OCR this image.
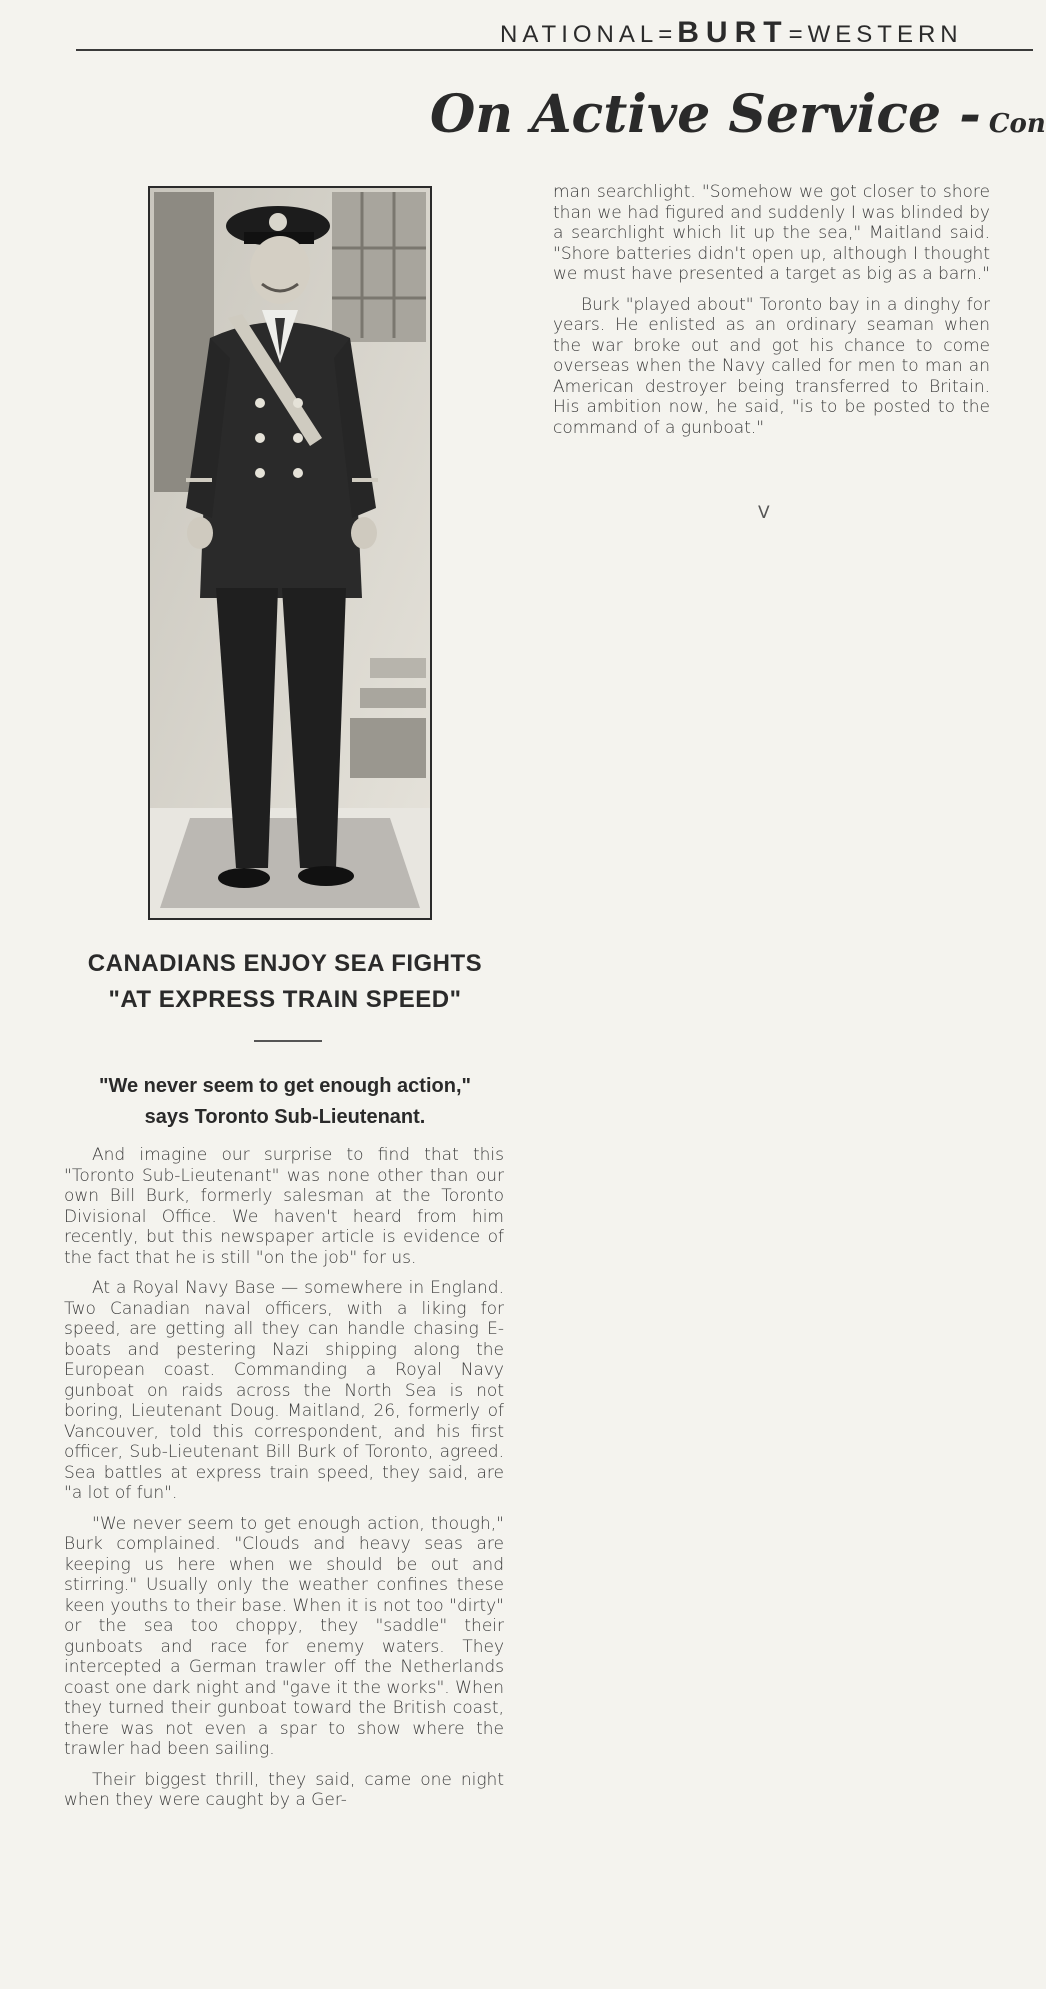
NATIONAL=BURT=WESTERN
On Active Service - Con
CANADIANS ENJOY SEA FIGHTS
"AT EXPRESS TRAIN SPEED"
"We never seem to get enough action,"
says Toronto Sub-Lieutenant.

And imagine our surprise to find that this "Toronto Sub-Lieutenant" was none other than our own Bill Burk, formerly salesman at the Toronto Divisional Office. We haven't heard from him recently, but this newspaper article is evidence of the fact that he is still "on the job" for us.

At a Royal Navy Base — somewhere in England. Two Canadian naval officers, with a liking for speed, are getting all they can handle chasing E-boats and pestering Nazi shipping along the European coast. Commanding a Royal Navy gunboat on raids across the North Sea is not boring, Lieutenant Doug. Maitland, 26, formerly of Vancouver, told this correspondent, and his first officer, Sub-Lieutenant Bill Burk of Toronto, agreed. Sea battles at express train speed, they said, are "a lot of fun".

"We never seem to get enough action, though," Burk complained. "Clouds and heavy seas are keeping us here when we should be out and stirring." Usually only the weather confines these keen youths to their base. When it is not too "dirty" or the sea too choppy, they "saddle" their gunboats and race for enemy waters. They intercepted a German trawler off the Netherlands coast one dark night and "gave it the works". When they turned their gunboat toward the British coast, there was not even a spar to show where the trawler had been sailing.

Their biggest thrill, they said, came one night when they were caught by a Ger-

man searchlight. "Somehow we got closer to shore than we had figured and suddenly I was blinded by a searchlight which lit up the sea," Maitland said. "Shore batteries didn't open up, although I thought we must have presented a target as big as a barn."

Burk "played about" Toronto bay in a dinghy for years. He enlisted as an ordinary seaman when the war broke out and got his chance to come overseas when the Navy called for men to man an American destroyer being transferred to Britain. His ambition now, he said, "is to be posted to the command of a gunboat."

V
